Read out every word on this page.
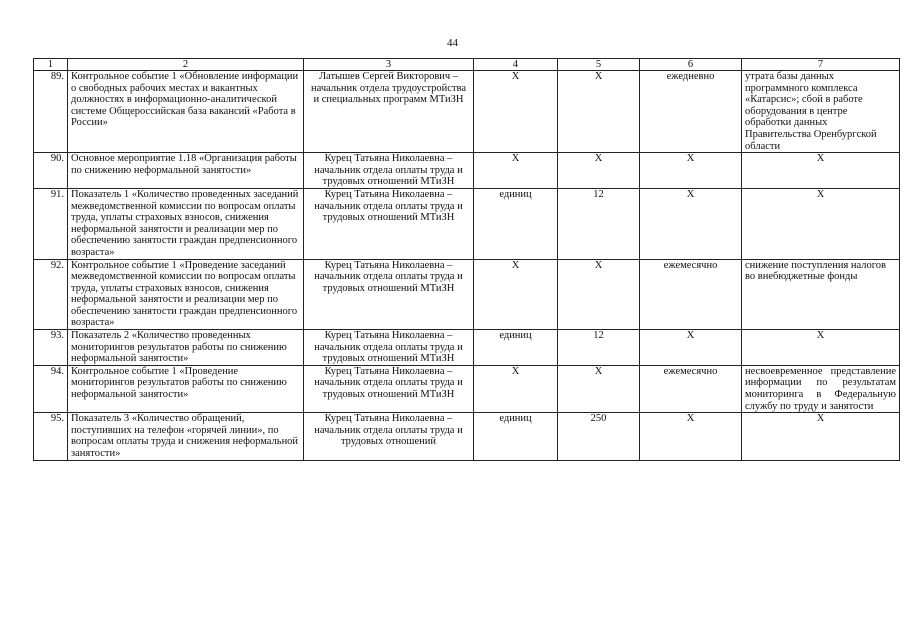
44
1	2	3	4	5	6	7
89.	Контрольное событие 1 «Обновление информации о свободных рабочих местах и вакантных должностях в информационно-аналитической системе Общероссийская база вакансий «Работа в России»	Латышев Сергей Викторович – начальник отдела трудоустройства и специальных программ МТиЗН	X	X	ежедневно	утрата базы данных программного комплекса «Катарсис»; сбой в работе оборудования в центре обработки данных Правительства Оренбургской области
90.	Основное мероприятие 1.18 «Организация работы по снижению неформальной занятости»	Курец Татьяна Николаевна – начальник отдела оплаты труда и трудовых отношений МТиЗН	X	X	X	X
91.	Показатель 1 «Количество проведенных заседаний межведомственной комиссии по вопросам оплаты труда, уплаты страховых взносов, снижения неформальной занятости и реализации мер по обеспечению занятости граждан предпенсионного возраста»	Курец Татьяна Николаевна – начальник отдела оплаты труда и трудовых отношений МТиЗН	единиц	12	X	X
92.	Контрольное событие 1 «Проведение заседаний межведомственной комиссии по вопросам оплаты труда, уплаты страховых взносов, снижения неформальной занятости и реализации мер по обеспечению занятости граждан предпенсионного возраста»	Курец Татьяна Николаевна – начальник отдела оплаты труда и трудовых отношений МТиЗН	X	X	ежемесячно	снижение поступления налогов во внебюджетные фонды
93.	Показатель 2 «Количество проведенных мониторингов результатов работы по снижению неформальной занятости»	Курец Татьяна Николаевна – начальник отдела оплаты труда и трудовых отношений МТиЗН	единиц	12	X	X
94.	Контрольное событие 1 «Проведение мониторингов результатов работы по снижению неформальной занятости»	Курец Татьяна Николаевна – начальник отдела оплаты труда и трудовых отношений МТиЗН	X	X	ежемесячно	несвоевременное представление информации по результатам мониторинга в Федеральную службу по труду и занятости
95.	Показатель 3 «Количество обращений, поступивших на телефон «горячей линии», по вопросам оплаты труда и снижения неформальной занятости»	Курец Татьяна Николаевна – начальник отдела оплаты труда и трудовых отношений	единиц	250	X	X
